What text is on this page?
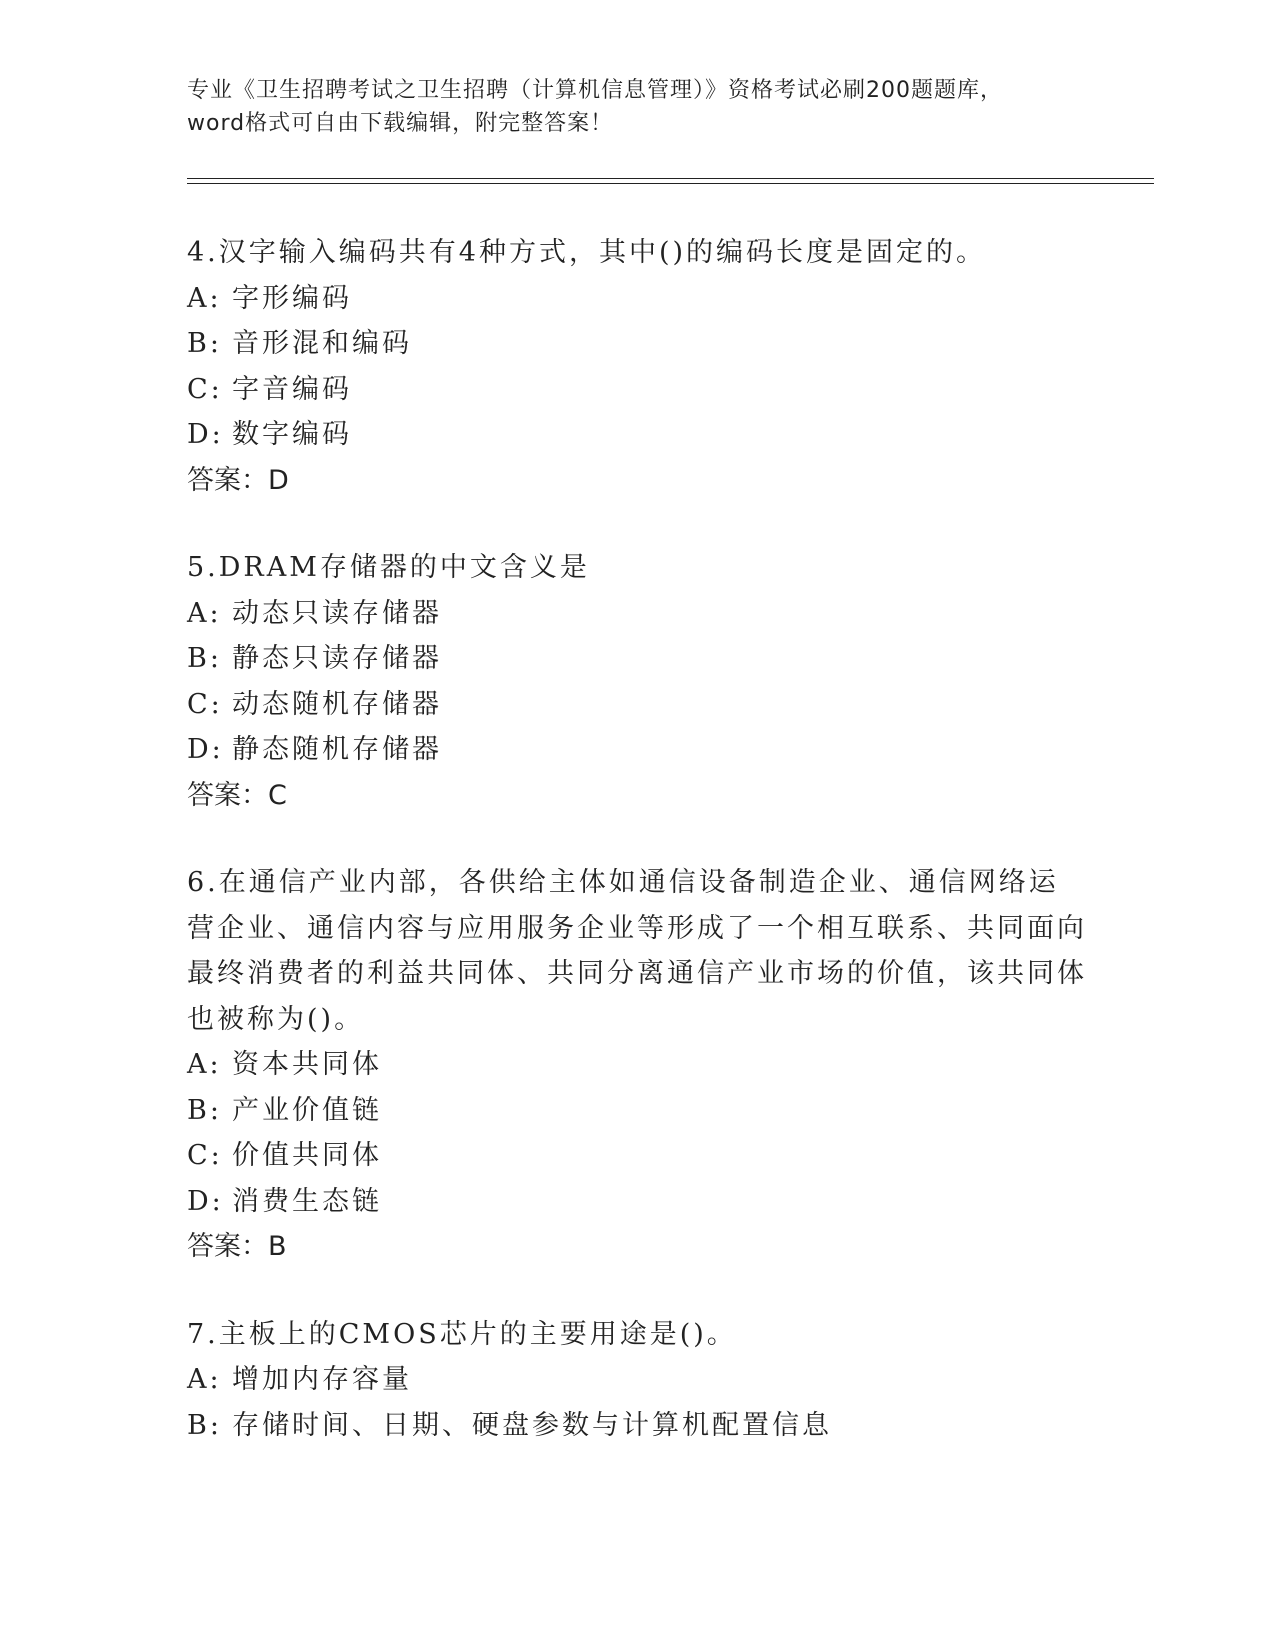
专业《卫生招聘考试之卫生招聘（计算机信息管理）》资格考试必刷200题题库，
word格式可自由下载编辑，附完整答案！

4.汉字输入编码共有4种方式，其中()的编码长度是固定的。

A: 字形编码

B: 音形混和编码

C: 字音编码

D: 数字编码

答案：D

5.DRAM存储器的中文含义是

A: 动态只读存储器

B: 静态只读存储器

C: 动态随机存储器

D: 静态随机存储器

答案：C

6.在通信产业内部，各供给主体如通信设备制造企业、通信网络运营企业、通信内容与应用服务企业等形成了一个相互联系、共同面向最终消费者的利益共同体、共同分离通信产业市场的价值，该共同体也被称为()。

A: 资本共同体

B: 产业价值链

C: 价值共同体

D: 消费生态链

答案：B

7.主板上的CMOS芯片的主要用途是()。

A: 增加内存容量

B: 存储时间、日期、硬盘参数与计算机配置信息
